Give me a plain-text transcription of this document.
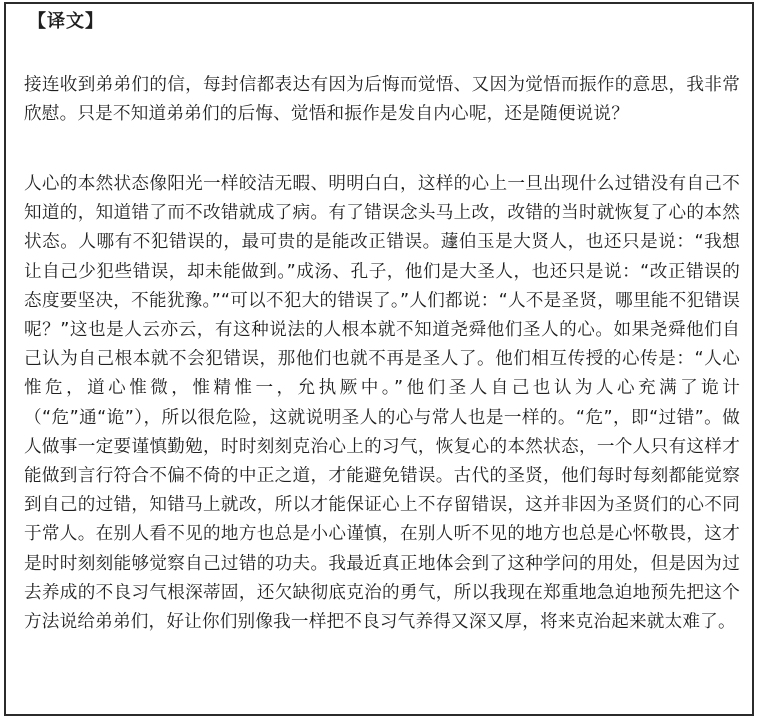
【译文】

接连收到弟弟们的信，每封信都表达有因为后悔而觉悟、又因为觉悟而振作的意思，我非常欣慰。只是不知道弟弟们的后悔、觉悟和振作是发自内心呢，还是随便说说？

人心的本然状态像阳光一样皎洁无暇、明明白白，这样的心上一旦出现什么过错没有自己不知道的，知道错了而不改错就成了病。有了错误念头马上改，改错的当时就恢复了心的本然状态。人哪有不犯错误的，最可贵的是能改正错误。蘧伯玉是大贤人，也还只是说：“我想让自己少犯些错误，却未能做到。”成汤、孔子，他们是大圣人，也还只是说：“改正错误的态度要坚决，不能犹豫。”“可以不犯大的错误了。”人们都说：“人不是圣贤，哪里能不犯错误呢？”这也是人云亦云，有这种说法的人根本就不知道尧舜他们圣人的心。如果尧舜他们自己认为自己根本就不会犯错误，那他们也就不再是圣人了。他们相互传授的心传是：“人心惟危，道心惟微，惟精惟一，允执厥中。”他们圣人自己也认为人心充满了诡计（“危”通“诡”），所以很危险，这就说明圣人的心与常人也是一样的。“危”，即“过错”。做人做事一定要谨慎勤勉，时时刻刻克治心上的习气，恢复心的本然状态，一个人只有这样才能做到言行符合不偏不倚的中正之道，才能避免错误。古代的圣贤，他们每时每刻都能觉察到自己的过错，知错马上就改，所以才能保证心上不存留错误，这并非因为圣贤们的心不同于常人。在别人看不见的地方也总是小心谨慎，在别人听不见的地方也总是心怀敬畏，这才是时时刻刻能够觉察自己过错的功夫。我最近真正地体会到了这种学问的用处，但是因为过去养成的不良习气根深蒂固，还欠缺彻底克治的勇气，所以我现在郑重地急迫地预先把这个方法说给弟弟们，好让你们别像我一样把不良习气养得又深又厚，将来克治起来就太难了。
